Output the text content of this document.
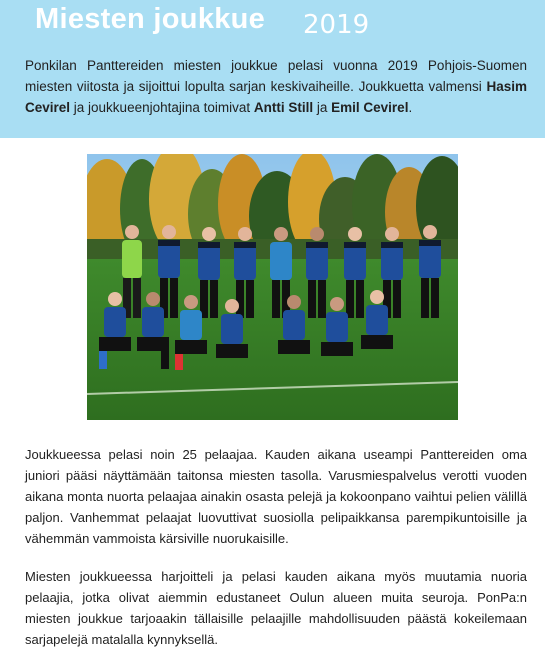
Miesten joukkue 2019
Ponkilan Panttereiden miesten joukkue pelasi vuonna 2019 Pohjois-Suomen miesten viitosta ja sijoittui lopulta sarjan keskivaiheille. Joukkuetta valmensi Hasim Cevirel ja joukkueenjohtajina toimivat Antti Still ja Emil Cevirel.
Joukkueessa pelasi noin 25 pelaajaa. Kauden aikana useampi Panttereiden oma juniori pääsi näyttämään taitonsa miesten tasolla. Varusmiespalvelus verotti vuoden aikana monta nuorta pelaajaa ainakin osasta pelejä ja kokoonpano vaihtui pelien välillä paljon. Vanhemmat pelaajat luovuttivat suosiolla pelipaikkansa parempikuntoisille ja vähemmän vammoista kärsiville nuorukaisille.
Miesten joukkueessa harjoitteli ja pelasi kauden aikana myös muutamia nuoria pelaajia, jotka olivat aiemmin edustaneet Oulun alueen muita seuroja. PonPa:n miesten joukkue tarjoaakin tällaisille pelaajille mahdollisuuden päästä kokeilemaan sarjapelejä matalalla kynnyksellä.
